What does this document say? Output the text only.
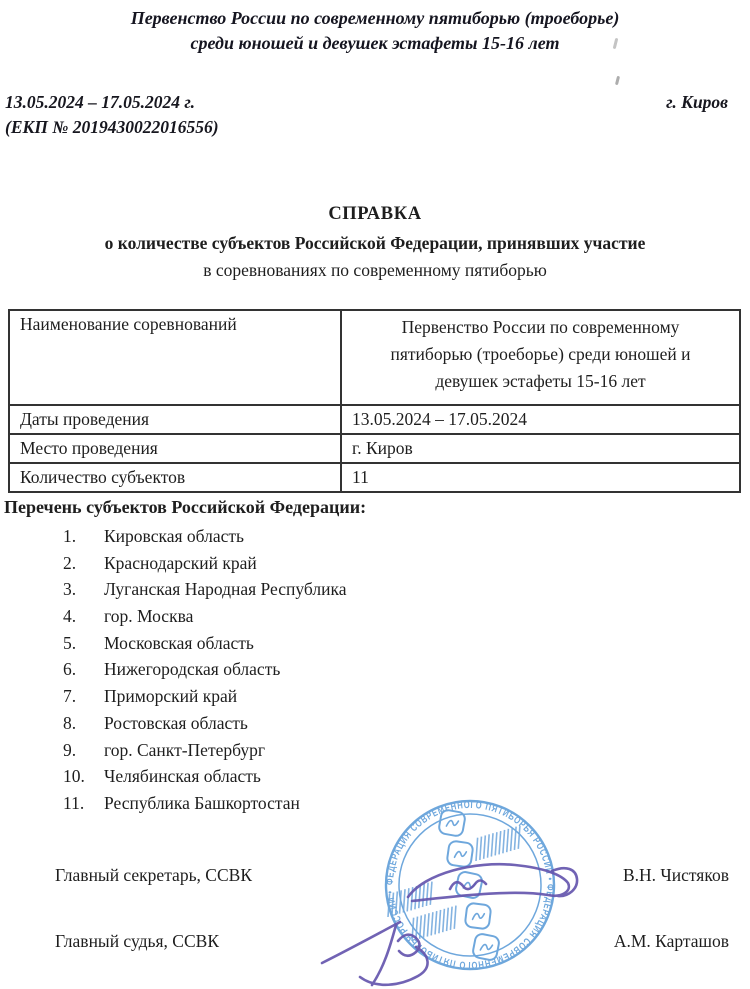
Первенство России по современному пятиборью (троеборье)
среди юношей и девушек эстафеты 15-16 лет
13.05.2024 – 17.05.2024 г.	г. Киров
(ЕКП № 2019430022016556)
СПРАВКА
о количестве субъектов Российской Федерации, принявших участие
в соревнованиях по современному пятиборью
Наименование соревнований	Первенство России по современному пятиборью (троеборье) среди юношей и девушек эстафеты 15-16 лет
Даты проведения	13.05.2024 – 17.05.2024
Место проведения	г. Киров
Количество субъектов	11
Перечень субъектов Российской Федерации:
1.	Кировская область
2.	Краснодарский край
3.	Луганская Народная Республика
4.	гор. Москва
5.	Московская область
6.	Нижегородская область
7.	Приморский край
8.	Ростовская область
9.	гор. Санкт-Петербург
10.	Челябинская область
11.	Республика Башкортостан
Главный секретарь, ССВК	В.Н. Чистяков
Главный судья, ССВК	А.М. Карташов
ФЕДЕРАЦИЯ СОВРЕМЕННОГО ПЯТИБОРЬЯ РОССИИ • ФЕДЕРАЦИЯ СОВРЕМЕННОГО ПЯТИБОРЬЯ РОССИИ •
